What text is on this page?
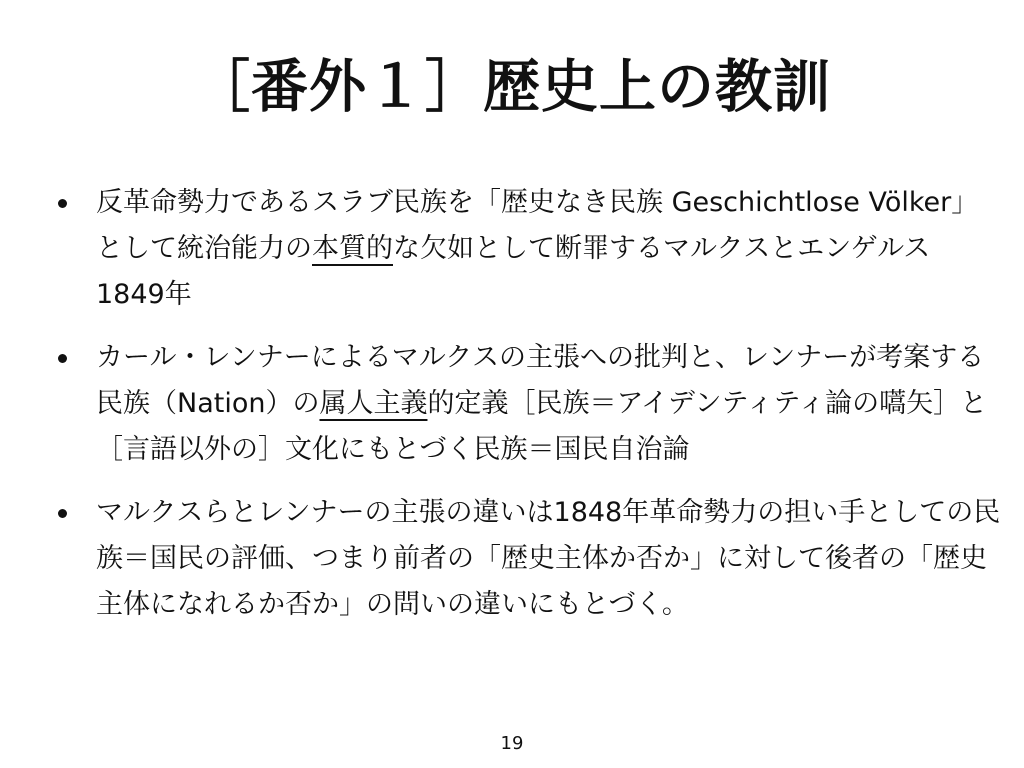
［番外１］歴史上の教訓
反革命勢力であるスラブ民族を「歴史なき民族 Geschichtlose Völker」として統治能力の本質的な欠如として断罪するマルクスとエンゲルス 1849年
カール・レンナーによるマルクスの主張への批判と、レンナーが考案する民族（Nation）の属人主義的定義［民族＝アイデンティティ論の嚆矢］と［言語以外の］文化にもとづく民族＝国民自治論
マルクスらとレンナーの主張の違いは1848年革命勢力の担い手としての民族＝国民の評価、つまり前者の「歴史主体か否か」に対して後者の「歴史主体になれるか否か」の問いの違いにもとづく。
19
